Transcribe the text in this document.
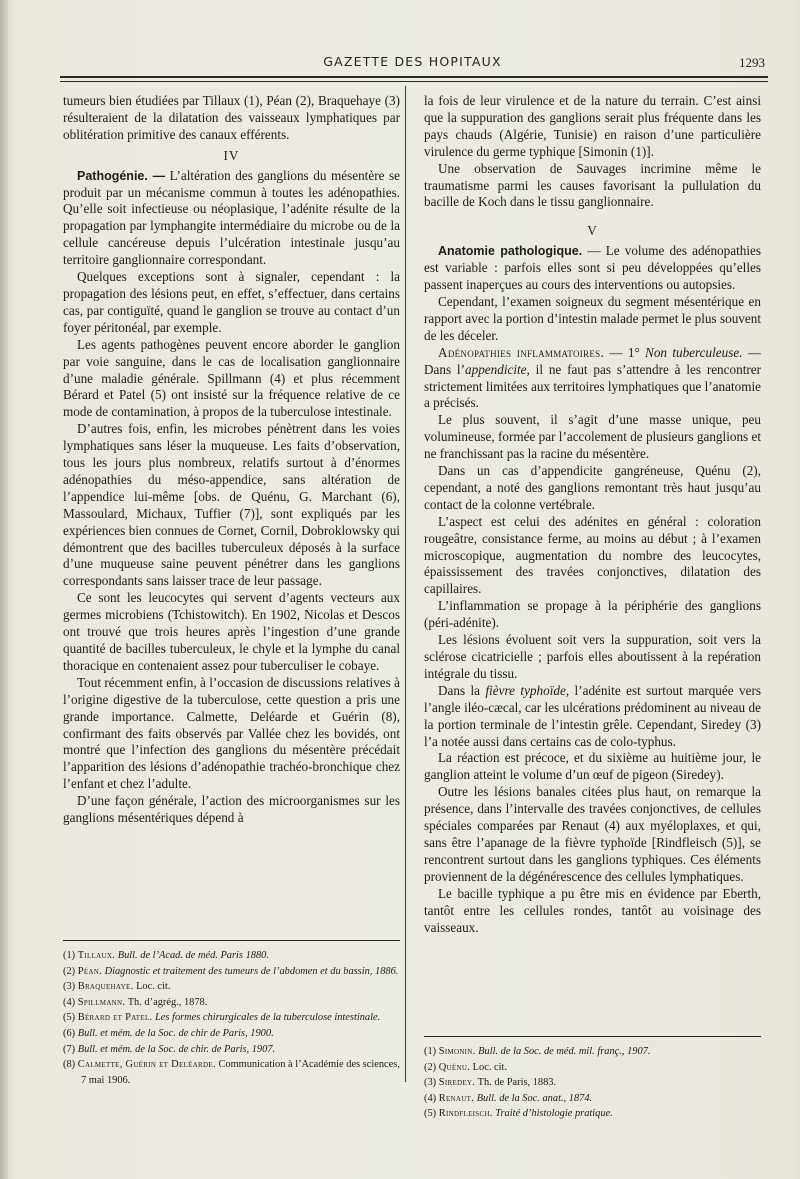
GAZETTE DES HOPITAUX	1293

tumeurs bien étudiées par Tillaux (1), Péan (2), Braquehaye (3) résulteraient de la dilatation des vaisseaux lymphatiques par oblitération primitive des canaux efférents.

IV

Pathogénie. — L’altération des ganglions du mésentère se produit par un mécanisme commun à toutes les adénopathies. Qu’elle soit infectieuse ou néoplasique, l’adénite résulte de la propagation par lymphangite intermédiaire du microbe ou de la cellule cancéreuse depuis l’ulcération intestinale jusqu’au territoire ganglionnaire correspondant.

Quelques exceptions sont à signaler, cependant : la propagation des lésions peut, en effet, s’effectuer, dans certains cas, par contiguïté, quand le ganglion se trouve au contact d’un foyer péritonéal, par exemple.

Les agents pathogènes peuvent encore aborder le ganglion par voie sanguine, dans le cas de localisation ganglionnaire d’une maladie générale. Spillmann (4) et plus récemment Bérard et Patel (5) ont insisté sur la fréquence relative de ce mode de contamination, à propos de la tuberculose intestinale.

D’autres fois, enfin, les microbes pénètrent dans les voies lymphatiques sans léser la muqueuse. Les faits d’observation, tous les jours plus nombreux, relatifs surtout à d’énormes adénopathies du méso-appendice, sans altération de l’appendice lui-même [obs. de Quénu, G. Marchant (6), Massoulard, Michaux, Tuffier (7)], sont expliqués par les expériences bien connues de Cornet, Cornil, Dobroklowsky qui démontrent que des bacilles tuberculeux déposés à la surface d’une muqueuse saine peuvent pénétrer dans les ganglions correspondants sans laisser trace de leur passage.

Ce sont les leucocytes qui servent d’agents vecteurs aux germes microbiens (Tchistowitch). En 1902, Nicolas et Descos ont trouvé que trois heures après l’ingestion d’une grande quantité de bacilles tuberculeux, le chyle et la lymphe du canal thoracique en contenaient assez pour tuberculiser le cobaye.

Tout récemment enfin, à l’occasion de discussions relatives à l’origine digestive de la tuberculose, cette question a pris une grande importance. Calmette, Deléarde et Guérin (8), confirmant des faits observés par Vallée chez les bovidés, ont montré que l’infection des ganglions du mésentère précédait l’apparition des lésions d’adénopathie trachéo-bronchique chez l’enfant et chez l’adulte.

D’une façon générale, l’action des microorganismes sur les ganglions mésentériques dépend à

(1) Tillaux. Bull. de l’Acad. de méd. Paris 1880.
(2) Péan. Diagnostic et traitement des tumeurs de l’abdomen et du bassin, 1886.
(3) Braquehaye. Loc. cit.
(4) Spillmann. Th. d’agrég., 1878.
(5) Bérard et Patel. Les formes chirurgicales de la tuberculose intestinale.
(6) Bull. et mém. de la Soc. de chir de Paris, 1900.
(7) Bull. et mém. de la Soc. de chir. de Paris, 1907.
(8) Calmette, Guérin et Deléarde. Communication à l’Académie des sciences, 7 mai 1906.

la fois de leur virulence et de la nature du terrain. C’est ainsi que la suppuration des ganglions serait plus fréquente dans les pays chauds (Algérie, Tunisie) en raison d’une particulière virulence du germe typhique [Simonin (1)].

Une observation de Sauvages incrimine même le traumatisme parmi les causes favorisant la pullulation du bacille de Koch dans le tissu ganglionnaire.

V

Anatomie pathologique. — Le volume des adénopathies est variable : parfois elles sont si peu développées qu’elles passent inaperçues au cours des interventions ou autopsies.

Cependant, l’examen soigneux du segment mésentérique en rapport avec la portion d’intestin malade permet le plus souvent de les déceler.

Adénopathies inflammatoires. — 1° Non tuberculeuse. — Dans l’appendicite, il ne faut pas s’attendre à les rencontrer strictement limitées aux territoires lymphatiques que l’anatomie a précisés.

Le plus souvent, il s’agit d’une masse unique, peu volumineuse, formée par l’accolement de plusieurs ganglions et ne franchissant pas la racine du mésentère.

Dans un cas d’appendicite gangréneuse, Quénu (2), cependant, a noté des ganglions remontant très haut jusqu’au contact de la colonne vertébrale.

L’aspect est celui des adénites en général : coloration rougeâtre, consistance ferme, au moins au début ; à l’examen microscopique, augmentation du nombre des leucocytes, épaississement des travées conjonctives, dilatation des capillaires.

L’inflammation se propage à la périphérie des ganglions (péri-adénite).

Les lésions évoluent soit vers la suppuration, soit vers la sclérose cicatricielle ; parfois elles aboutissent à la repération intégrale du tissu.

Dans la fièvre typhoïde, l’adénite est surtout marquée vers l’angle iléo-cæcal, car les ulcérations prédominent au niveau de la portion terminale de l’intestin grêle. Cependant, Siredey (3) l’a notée aussi dans certains cas de colo-typhus.

La réaction est précoce, et du sixième au huitième jour, le ganglion atteint le volume d’un œuf de pigeon (Siredey).

Outre les lésions banales citées plus haut, on remarque la présence, dans l’intervalle des travées conjonctives, de cellules spéciales comparées par Renaut (4) aux myéloplaxes, et qui, sans être l’apanage de la fièvre typhoïde [Rindfleisch (5)], se rencontrent surtout dans les ganglions typhiques. Ces éléments proviennent de la dégénérescence des cellules lymphatiques.

Le bacille typhique a pu être mis en évidence par Eberth, tantôt entre les cellules rondes, tantôt au voisinage des vaisseaux.

(1) Simonin. Bull. de la Soc. de méd. mil. franç., 1907.
(2) Quénu. Loc. cit.
(3) Siredey. Th. de Paris, 1883.
(4) Renaut. Bull. de la Soc. anat., 1874.
(5) Rindfleisch. Traité d’histologie pratique.
